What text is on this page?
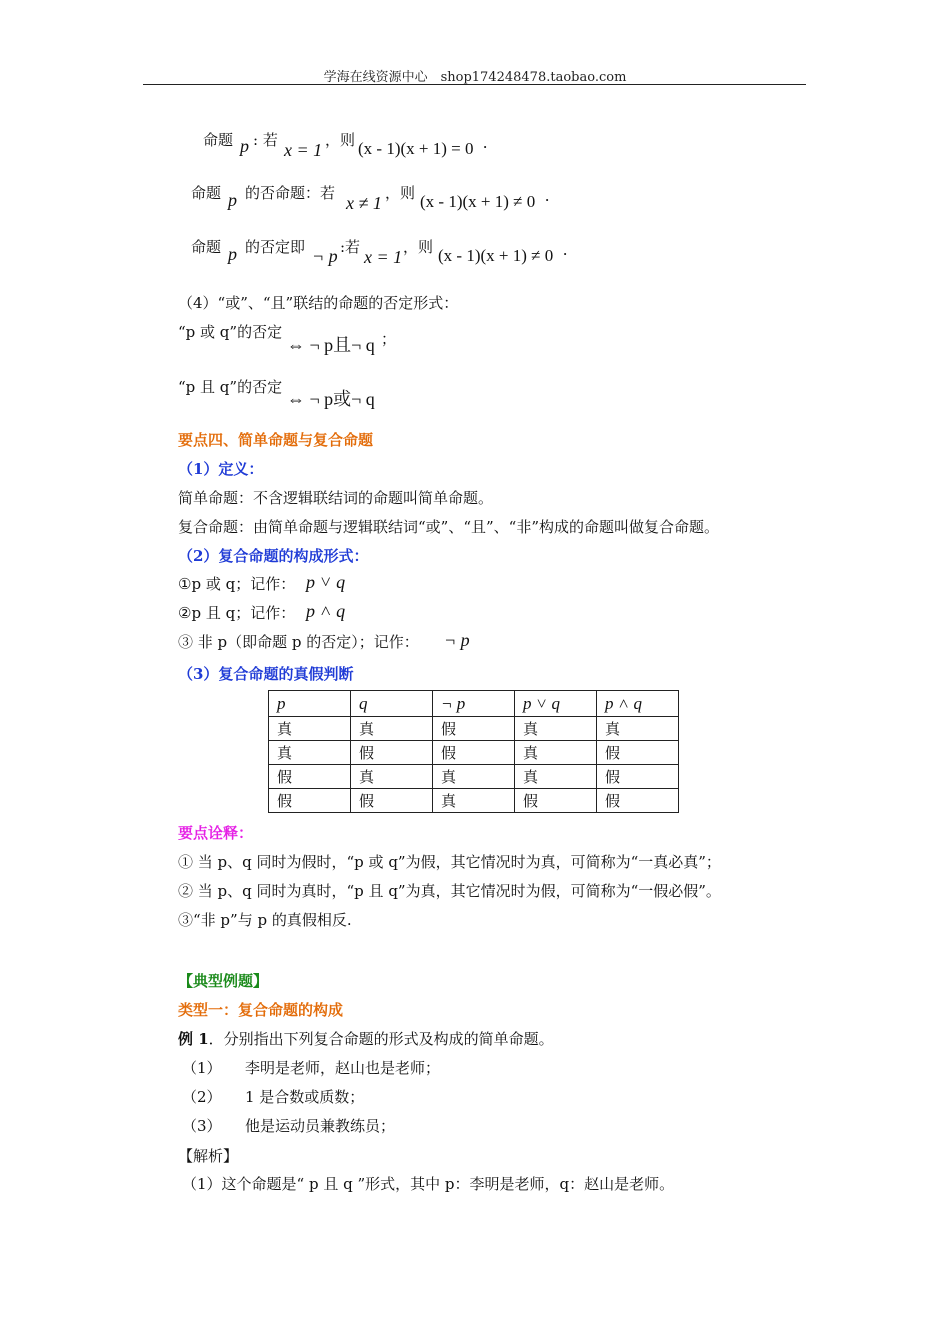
学海在线资源中心　shop174248478.taobao.com
命题 p : 若 x = 1 ，则 (x - 1)(x + 1) = 0 .
命题 p 的否命题：若 x ≠ 1 ，则 (x - 1)(x + 1) ≠ 0 .
命题 p 的否定即 ¬ p :若 x = 1 ，则 (x - 1)(x + 1) ≠ 0 .
（4）“或”、“且”联结的命题的否定形式：
“p 或 q”的否定
⇔ ¬ p且¬ q ；
“p 且 q”的否定
⇔ ¬ p或¬ q
要点四、简单命题与复合命题
（1）定义：
简单命题：不含逻辑联结词的命题叫简单命题。
复合命题：由简单命题与逻辑联结词“或”、“且”、“非”构成的命题叫做复合命题。
（2）复合命题的构成形式：
①p 或 q；记作： p ˅ q
②p 且 q；记作： p ˄ q
③ 非 p（即命题 p 的否定）；记作： ¬ p
（3）复合命题的真假判断
p	q	¬ p	p ˅ q	p ˄ q
真	真	假	真	真
真	假	假	真	假
假	真	真	真	假
假	假	真	假	假
要点诠释：
① 当 p、q 同时为假时，“p 或 q”为假，其它情况时为真，可简称为“一真必真”；
② 当 p、q 同时为真时，“p 且 q”为真，其它情况时为假，可简称为“一假必假”。
③“非 p”与 p 的真假相反.
【典型例题】
类型一：复合命题的构成
例 1．分别指出下列复合命题的形式及构成的简单命题。
（1） 李明是老师，赵山也是老师；
（2） 1 是合数或质数；
（3） 他是运动员兼教练员；
【解析】
（1）这个命题是“ p 且 q ”形式，其中 p：李明是老师，q：赵山是老师。
